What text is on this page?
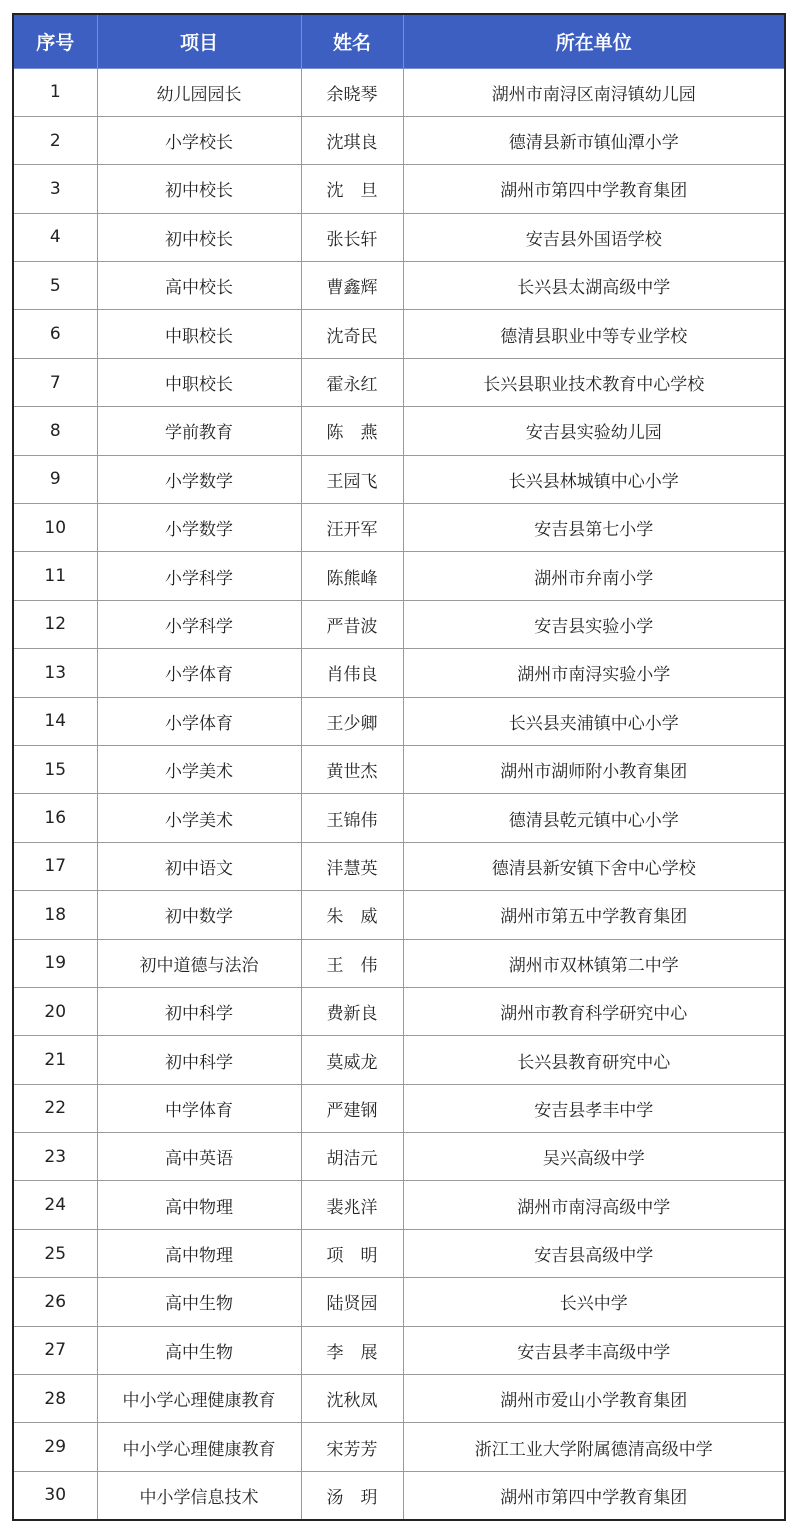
序号	项目	姓名	所在单位
1	幼儿园园长	余晓琴	湖州市南浔区南浔镇幼儿园
2	小学校长	沈琪良	德清县新市镇仙潭小学
3	初中校长	沈　旦	湖州市第四中学教育集团
4	初中校长	张长轩	安吉县外国语学校
5	高中校长	曹鑫辉	长兴县太湖高级中学
6	中职校长	沈奇民	德清县职业中等专业学校
7	中职校长	霍永红	长兴县职业技术教育中心学校
8	学前教育	陈　燕	安吉县实验幼儿园
9	小学数学	王园飞	长兴县林城镇中心小学
10	小学数学	汪开军	安吉县第七小学
11	小学科学	陈熊峰	湖州市弁南小学
12	小学科学	严昔波	安吉县实验小学
13	小学体育	肖伟良	湖州市南浔实验小学
14	小学体育	王少卿	长兴县夹浦镇中心小学
15	小学美术	黄世杰	湖州市湖师附小教育集团
16	小学美术	王锦伟	德清县乾元镇中心小学
17	初中语文	沣慧英	德清县新安镇下舍中心学校
18	初中数学	朱　威	湖州市第五中学教育集团
19	初中道德与法治	王　伟	湖州市双林镇第二中学
20	初中科学	费新良	湖州市教育科学研究中心
21	初中科学	莫威龙	长兴县教育研究中心
22	中学体育	严建钢	安吉县孝丰中学
23	高中英语	胡洁元	吴兴高级中学
24	高中物理	裴兆洋	湖州市南浔高级中学
25	高中物理	项　明	安吉县高级中学
26	高中生物	陆贤园	长兴中学
27	高中生物	李　展	安吉县孝丰高级中学
28	中小学心理健康教育	沈秋凤	湖州市爱山小学教育集团
29	中小学心理健康教育	宋芳芳	浙江工业大学附属德清高级中学
30	中小学信息技术	汤　玥	湖州市第四中学教育集团
